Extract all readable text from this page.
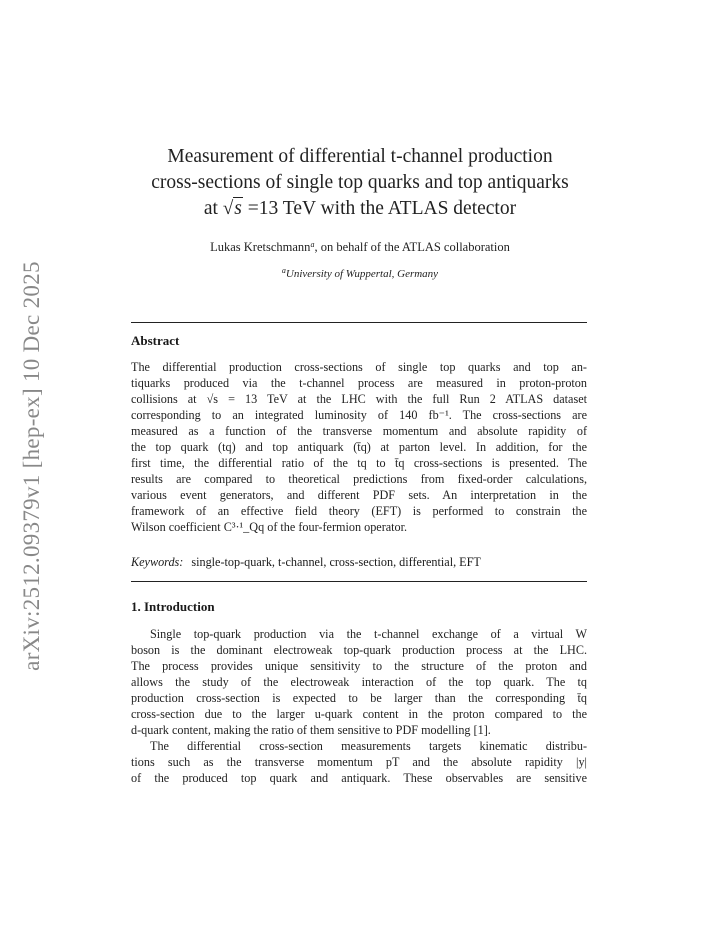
arXiv:2512.09379v1 [hep-ex] 10 Dec 2025
Measurement of differential t-channel production
cross-sections of single top quarks and top antiquarks
at √s =13 TeV with the ATLAS detector
Lukas Kretschmann$^a$, on behalf of the ATLAS collaboration
$^a$University of Wuppertal, Germany
Abstract
The differential production cross-sections of single top quarks and top an-
tiquarks produced via the t-channel process are measured in proton-proton
collisions at √s = 13 TeV at the LHC with the full Run 2 ATLAS dataset
corresponding to an integrated luminosity of 140 fb⁻¹. The cross-sections are
measured as a function of the transverse momentum and absolute rapidity of
the top quark (tq) and top antiquark (t̄q) at parton level. In addition, for the
first time, the differential ratio of the tq to t̄q cross-sections is presented. The
results are compared to theoretical predictions from fixed-order calculations,
various event generators, and different PDF sets. An interpretation in the
framework of an effective field theory (EFT) is performed to constrain the
Wilson coefficient C³·¹_Qq of the four-fermion operator.
Keywords: single-top-quark, t-channel, cross-section, differential, EFT
1. Introduction
Single top-quark production via the t-channel exchange of a virtual W
boson is the dominant electroweak top-quark production process at the LHC.
The process provides unique sensitivity to the structure of the proton and
allows the study of the electroweak interaction of the top quark. The tq
production cross-section is expected to be larger than the corresponding t̄q
cross-section due to the larger u-quark content in the proton compared to the
d-quark content, making the ratio of them sensitive to PDF modelling [1].
The differential cross-section measurements targets kinematic distribu-
tions such as the transverse momentum pT and the absolute rapidity |y|
of the produced top quark and antiquark. These observables are sensitive
